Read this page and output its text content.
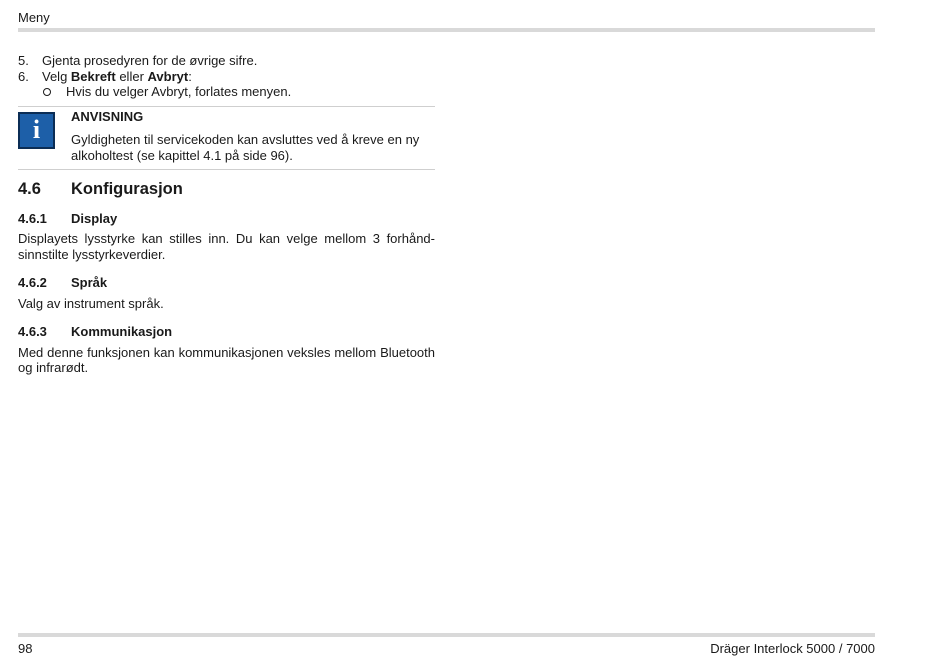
Meny
5.	Gjenta prosedyren for de øvrige sifre.
6.	Velg Bekreft eller Avbryt:
Hvis du velger Avbryt, forlates menyen.
i	ANVISNING
Gyldigheten til servicekoden kan avsluttes ved å kreve en ny alkoholtest (se kapittel 4.1 på side 96).
4.6	Konfigurasjon
4.6.1	Display
Displayets lysstyrke kan stilles inn. Du kan velge mellom 3 forhånd-sinnstilte lysstyrkeverdier.
4.6.2	Språk
Valg av instrument språk.
4.6.3	Kommunikasjon
Med denne funksjonen kan kommunikasjonen veksles mellom Bluetooth og infrarødt.
98	Dräger Interlock 5000 / 7000
